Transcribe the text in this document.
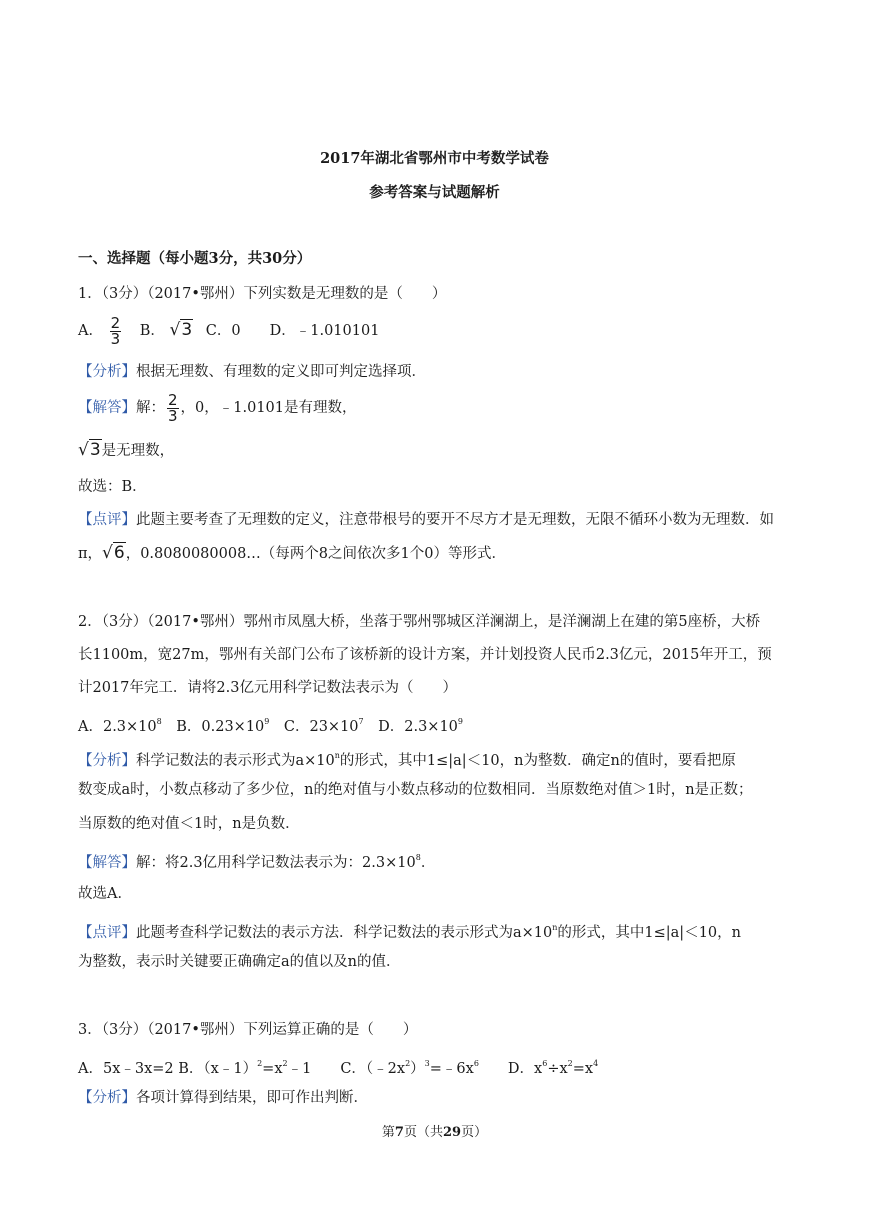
2017年湖北省鄂州市中考数学试卷
参考答案与试题解析
一、选择题（每小题3分，共30分）
1．（3分）（2017•鄂州）下列实数是无理数的是（　　）
A． $\frac{2}{3}$ B． √3 C．0　　D．﹣1.010101
【分析】根据无理数、有理数的定义即可判定选择项．
【解答】解： $\frac{2}{3}$ ，0，﹣1.0101是有理数，
√3是无理数，
故选：B．
【点评】此题主要考查了无理数的定义，注意带根号的要开不尽方才是无理数，无限不循环小数为无理数．如
π，√6，0.8080080008…（每两个8之间依次多1个0）等形式．
2．（3分）（2017•鄂州）鄂州市凤凰大桥，坐落于鄂州鄂城区洋澜湖上，是洋澜湖上在建的第5座桥，大桥
长1100m，宽27m，鄂州有关部门公布了该桥新的设计方案，并计划投资人民币2.3亿元，2015年开工，预
计2017年完工．请将2.3亿元用科学记数法表示为（　　）
A．$2.3\times 10^8$　B．$0.23\times 10^9$　C．$23\times 10^7$　D．$2.3\times 10^9$
【分析】科学记数法的表示形式为$a\times 10^n$的形式，其中1≤|a|＜10，n为整数．确定n的值时，要看把原
数变成a时，小数点移动了多少位，n的绝对值与小数点移动的位数相同．当原数绝对值＞1时，n是正数；
当原数的绝对值＜1时，n是负数．
【解答】解：将2.3亿用科学记数法表示为：$2.3\times 10^8$．
故选A．
【点评】此题考查科学记数法的表示方法．科学记数法的表示形式为$a\times 10^n$的形式，其中1≤|a|＜10，n
为整数，表示时关键要正确确定a的值以及n的值．
3．（3分）（2017•鄂州）下列运算正确的是（　　）
A．5x﹣3x=2 B．$(x﹣1)^2=x^2﹣1$　　C．$(﹣2x^2)^3=﹣6x^6$　　D．$x^6\div x^2=x^4$
【分析】各项计算得到结果，即可作出判断．
第7页（共29页）
